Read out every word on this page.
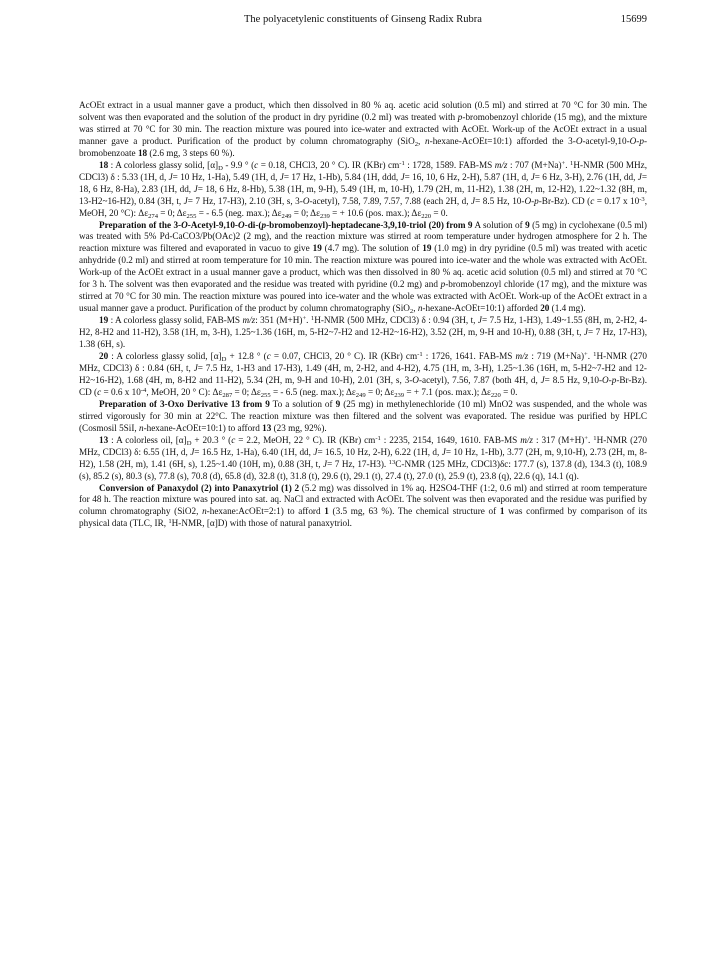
The polyacetylenic constituents of Ginseng Radix Rubra	15699

AcOEt extract in a usual manner gave a product, which then dissolved in 80 % aq. acetic acid solution (0.5 ml) and stirred at 70 °C for 30 min. The solvent was then evaporated and the solution of the product in dry pyridine (0.2 ml) was treated with p-bromobenzoyl chloride (15 mg), and the mixture was stirred at 70 °C for 30 min. The reaction mixture was poured into ice-water and extracted with AcOEt. Work-up of the AcOEt extract in a usual manner gave a product. Purification of the product by column chromatography (SiO$_2$, n-hexane-AcOEt=10:1) afforded the 3-O-acetyl-9,10-O-p-bromobenzoate 18 (2.6 mg, 3 steps 60 %).

18 : A colorless glassy solid, $[\alpha]_D - 9.9$ ° (c = 0.18, CHCl3, 20 ° C). IR (KBr) $cm^{-1}$ : 1728, 1589. FAB-MS m/z : 707 (M+Na)+. $^1$H-NMR (500 MHz, CDCl3) δ : 5.33 (1H, d, J= 10 Hz, 1-Ha), 5.49 (1H, d, J= 17 Hz, 1-Hb), 5.84 (1H, ddd, J= 16, 10, 6 Hz, 2-H), 5.87 (1H, d, J= 6 Hz, 3-H), 2.76 (1H, dd, J= 18, 6 Hz, 8-Ha), 2.83 (1H, dd, J= 18, 6 Hz, 8-Hb), 5.38 (1H, m, 9-H), 5.49 (1H, m, 10-H), 1.79 (2H, m, 11-H2), 1.38 (2H, m, 12-H2), 1.22~1.32 (8H, m, 13-H2~16-H2), 0.84 (3H, t, J= 7 Hz, 17-H3), 2.10 (3H, s, 3-O-acetyl), 7.58, 7.89, 7.57, 7.88 (each 2H, d, J= 8.5 Hz, 10-O-p-Br-Bz). CD (c = 0.17 x $10^{-3}$, MeOH, 20 °C): $\Delta\varepsilon_{274} = 0$; $\Delta\varepsilon_{255}$ = - 6.5 (neg. max.); $\Delta\varepsilon_{249} = 0$; $\Delta\varepsilon_{239}$ = + 10.6 (pos. max.); $\Delta\varepsilon_{220} = 0$.

Preparation of the 3-O-Acetyl-9,10-O-di-(p-bromobenzoyl)-heptadecane-3,9,10-triol (20) from 9 A solution of 9 (5 mg) in cyclohexane (0.5 ml) was treated with 5% Pd-CaCO3/Pb(OAc)2 (2 mg), and the reaction mixture was stirred at room temperature under hydrogen atmosphere for 2 h. The reaction mixture was filtered and evaporated in vacuo to give 19 (4.7 mg). The solution of 19 (1.0 mg) in dry pyridine (0.5 ml) was treated with acetic anhydride (0.2 ml) and stirred at room temperature for 10 min. The reaction mixture was poured into ice-water and the whole was extracted with AcOEt. Work-up of the AcOEt extract in a usual manner gave a product, which was then dissolved in 80 % aq. acetic acid solution (0.5 ml) and stirred at 70 °C for 3 h. The solvent was then evaporated and the residue was treated with pyridine (0.2 mg) and p-bromobenzoyl chloride (17 mg), and the mixture was stirred at 70 °C for 30 min. The reaction mixture was poured into ice-water and the whole was extracted with AcOEt. Work-up of the AcOEt extract in a usual manner gave a product. Purification of the product by column chromatography (SiO$_2$, n-hexane-AcOEt=10:1) afforded 20 (1.4 mg).

19 : A colorless glassy solid, FAB-MS m/z: 351 (M+H)+. $^1$H-NMR (500 MHz, CDCl3) δ : 0.94 (3H, t, J= 7.5 Hz, 1-H3), 1.49~1.55 (8H, m, 2-H2, 4-H2, 8-H2 and 11-H2), 3.58 (1H, m, 3-H), 1.25~1.36 (16H, m, 5-H2~7-H2 and 12-H2~16-H2), 3.52 (2H, m, 9-H and 10-H), 0.88 (3H, t, J= 7 Hz, 17-H3), 1.38 (6H, s).

20 : A colorless glassy solid, $[\alpha]_D + 12.8$ ° (c = 0.07, CHCl3, 20 ° C). IR (KBr) $cm^{-1}$ : 1726, 1641. FAB-MS m/z : 719 (M+Na)+. $^1$H-NMR (270 MHz, CDCl3) δ : 0.84 (6H, t, J= 7.5 Hz, 1-H3 and 17-H3), 1.49 (4H, m, 2-H2, and 4-H2), 4.75 (1H, m, 3-H), 1.25~1.36 (16H, m, 5-H2~7-H2 and 12-H2~16-H2), 1.68 (4H, m, 8-H2 and 11-H2), 5.34 (2H, m, 9-H and 10-H), 2.01 (3H, s, 3-O-acetyl), 7.56, 7.87 (both 4H, d, J= 8.5 Hz, 9,10-O-p-Br-Bz). CD (c = 0.6 x $10^{-4}$, MeOH, 20 ° C): $\Delta\varepsilon_{287} = 0$; $\Delta\varepsilon_{255}$ = - 6.5 (neg. max.); $\Delta\varepsilon_{249} = 0$; $\Delta\varepsilon_{239}$ = + 7.1 (pos. max.); $\Delta\varepsilon_{220} = 0$.

Preparation of 3-Oxo Derivative 13 from 9 To a solution of 9 (25 mg) in methylenechloride (10 ml) MnO2 was suspended, and the whole was stirred vigorously for 30 min at 22°C. The reaction mixture was then filtered and the solvent was evaporated. The residue was purified by HPLC (Cosmosil 5SiI, n-hexane-AcOEt=10:1) to afford 13 (23 mg, 92%).

13 : A colorless oil, $[\alpha]_D + 20.3$ ° (c = 2.2, MeOH, 22 ° C). IR (KBr) $cm^{-1}$ : 2235, 2154, 1649, 1610. FAB-MS m/z : 317 (M+H)+. $^1$H-NMR (270 MHz, CDCl3) δ: 6.55 (1H, d, J= 16.5 Hz, 1-Ha), 6.40 (1H, dd, J= 16.5, 10 Hz, 2-H), 6.22 (1H, d, J= 10 Hz, 1-Hb), 3.77 (2H, m, 9,10-H), 2.73 (2H, m, 8-H2), 1.58 (2H, m), 1.41 (6H, s), 1.25~1.40 (10H, m), 0.88 (3H, t, J= 7 Hz, 17-H3). $^{13}$C-NMR (125 MHz, CDCl3)δc: 177.7 (s), 137.8 (d), 134.3 (t), 108.9 (s), 85.2 (s), 80.3 (s), 77.8 (s), 70.8 (d), 65.8 (d), 32.8 (t), 31.8 (t), 29.6 (t), 29.1 (t), 27.4 (t), 27.0 (t), 25.9 (t), 23.8 (q), 22.6 (q), 14.1 (q).

Conversion of Panaxydol (2) into Panaxytriol (1) 2 (5.2 mg) was dissolved in 1% aq. H2SO4-THF (1:2, 0.6 ml) and stirred at room temperature for 48 h. The reaction mixture was poured into sat. aq. NaCl and extracted with AcOEt. The solvent was then evaporated and the residue was purified by column chromatography (SiO2, n-hexane:AcOEt=2:1) to afford 1 (3.5 mg, 63 %). The chemical structure of 1 was confirmed by comparison of its physical data (TLC, IR, $^1$H-NMR, [α]D) with those of natural panaxytriol.
